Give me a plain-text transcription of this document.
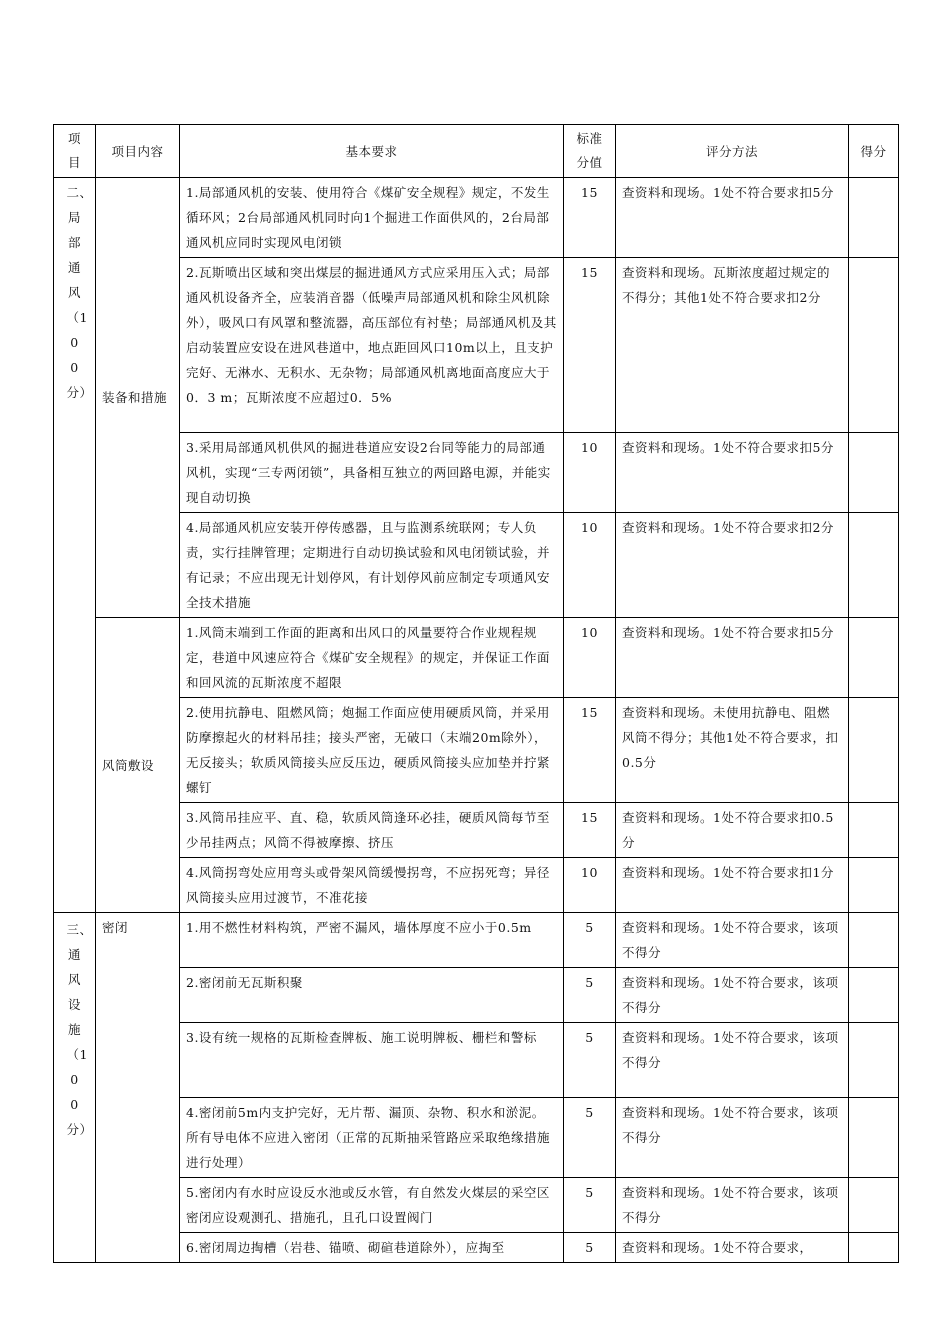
项目	项目内容	基本要求	标准分值	评分方法	得分
二、局部通风（100分）	装备和措施	1.局部通风机的安装、使用符合《煤矿安全规程》规定，不发生循环风；2台局部通风机同时向1个掘进工作面供风的，2台局部通风机应同时实现风电闭锁	15	查资料和现场。1处不符合要求扣5分	
		2.瓦斯喷出区域和突出煤层的掘进通风方式应采用压入式；局部通风机设备齐全，应装消音器（低噪声局部通风机和除尘风机除外），吸风口有风罩和整流器，高压部位有衬垫；局部通风机及其启动装置应安设在进风巷道中，地点距回风口10m以上，且支护完好、无淋水、无积水、无杂物；局部通风机离地面高度应大于0．3 m；瓦斯浓度不应超过0．5%	15	查资料和现场。瓦斯浓度超过规定的不得分；其他1处不符合要求扣2分	
		3.采用局部通风机供风的掘进巷道应安设2台同等能力的局部通风机，实现“三专两闭锁”，具备相互独立的两回路电源，并能实现自动切换	10	查资料和现场。1处不符合要求扣5分	
		4.局部通风机应安装开停传感器，且与监测系统联网；专人负责，实行挂牌管理；定期进行自动切换试验和风电闭锁试验，并有记录；不应出现无计划停风，有计划停风前应制定专项通风安全技术措施	10	查资料和现场。1处不符合要求扣2分	
	风筒敷设	1.风筒末端到工作面的距离和出风口的风量要符合作业规程规定，巷道中风速应符合《煤矿安全规程》的规定，并保证工作面和回风流的瓦斯浓度不超限	10	查资料和现场。1处不符合要求扣5分	
		2.使用抗静电、阻燃风筒；炮掘工作面应使用硬质风筒，并采用防摩擦起火的材料吊挂；接头严密，无破口（末端20m除外），无反接头；软质风筒接头应反压边，硬质风筒接头应加垫并拧紧螺钉	15	查资料和现场。未使用抗静电、阻燃风筒不得分；其他1处不符合要求，扣0.5分	
		3.风筒吊挂应平、直、稳，软质风筒逢环必挂，硬质风筒每节至少吊挂两点；风筒不得被摩擦、挤压	15	查资料和现场。1处不符合要求扣0.5分	
		4.风筒拐弯处应用弯头或骨架风筒缓慢拐弯，不应拐死弯；异径风筒接头应用过渡节，不准花接	10	查资料和现场。1处不符合要求扣1分	
三、通风设施（100分）	密闭	1.用不燃性材料构筑，严密不漏风，墙体厚度不应小于0.5m	5	查资料和现场。1处不符合要求，该项不得分	
		2.密闭前无瓦斯积聚	5	查资料和现场。1处不符合要求，该项不得分	
		3.设有统一规格的瓦斯检查牌板、施工说明牌板、栅栏和警标	5	查资料和现场。1处不符合要求，该项不得分	
		4.密闭前5m内支护完好，无片帮、漏顶、杂物、积水和淤泥。所有导电体不应进入密闭（正常的瓦斯抽采管路应采取绝缘措施进行处理）	5	查资料和现场。1处不符合要求，该项不得分	
		5.密闭内有水时应设反水池或反水管，有自然发火煤层的采空区密闭应设观测孔、措施孔，且孔口设置阀门	5	查资料和现场。1处不符合要求，该项不得分	
		6.密闭周边掏槽（岩巷、锚喷、砌碹巷道除外），应掏至	5	查资料和现场。1处不符合要求，	
